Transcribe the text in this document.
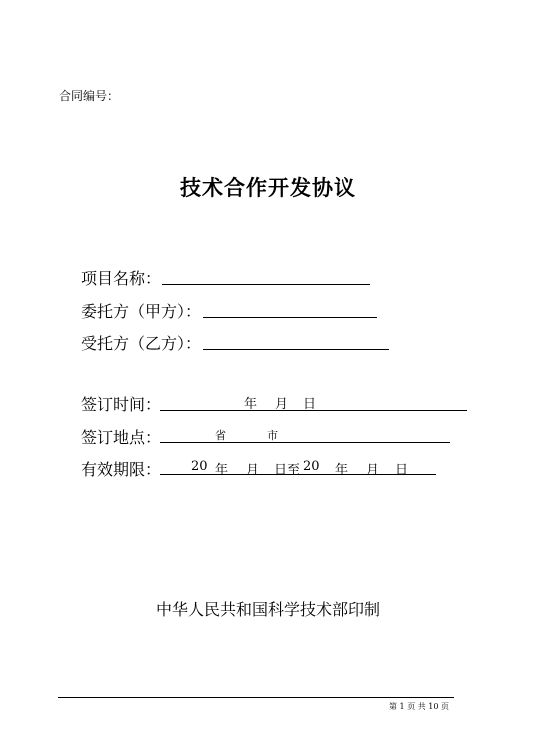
合同编号：
技术合作开发协议
项目名称：
委托方（甲方）：
受托方（乙方）：
签订时间：	年 月 日
签订地点：	省	市
有效期限： 20 年 月 日至 20 年 月 日
中华人民共和国科学技术部印制
第 1 页 共 10 页
